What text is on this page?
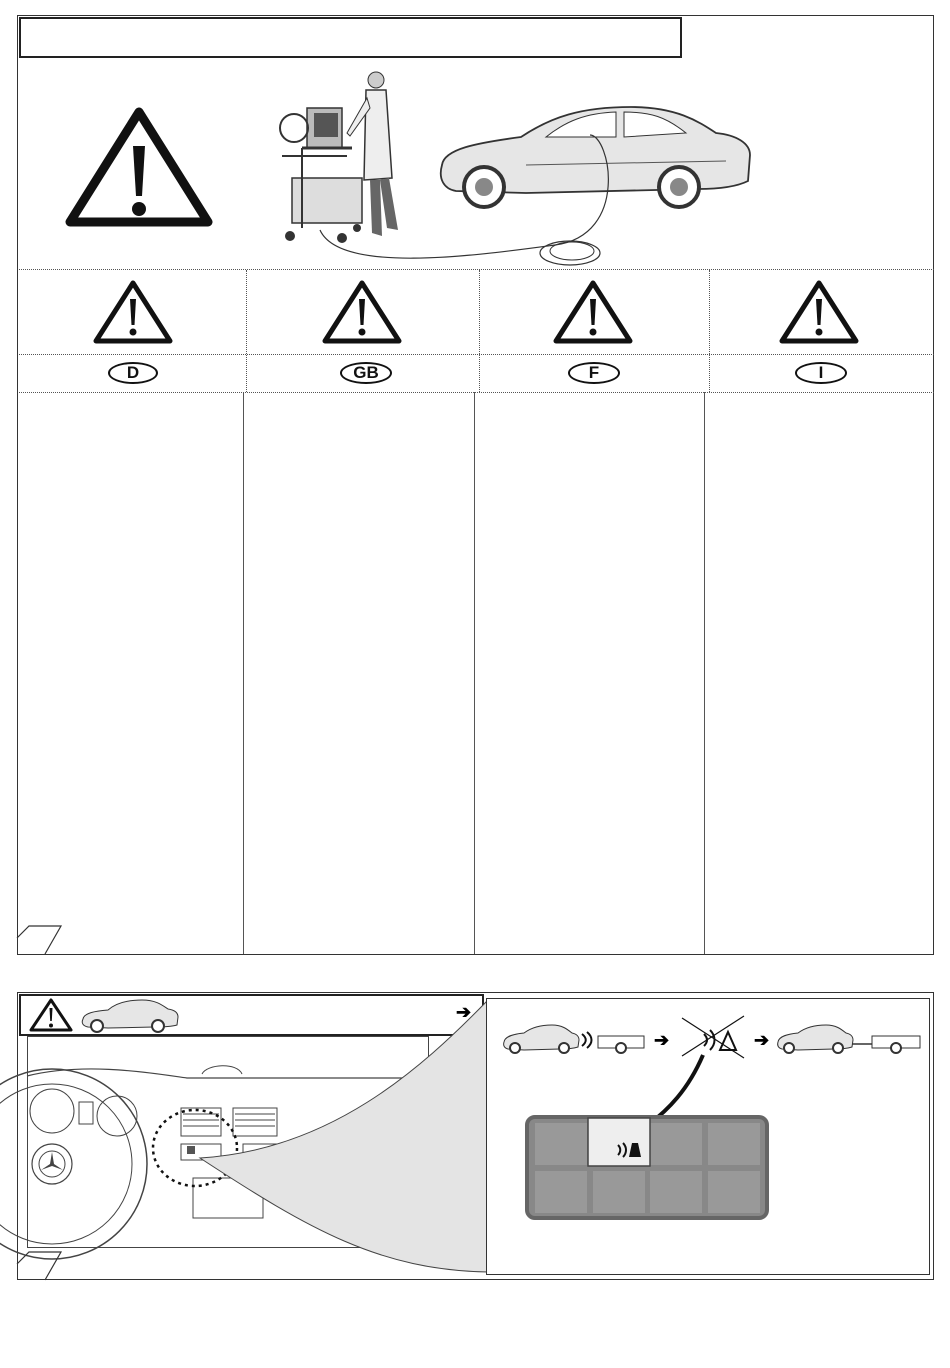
D	GB	F	I
➔
➔	➔
